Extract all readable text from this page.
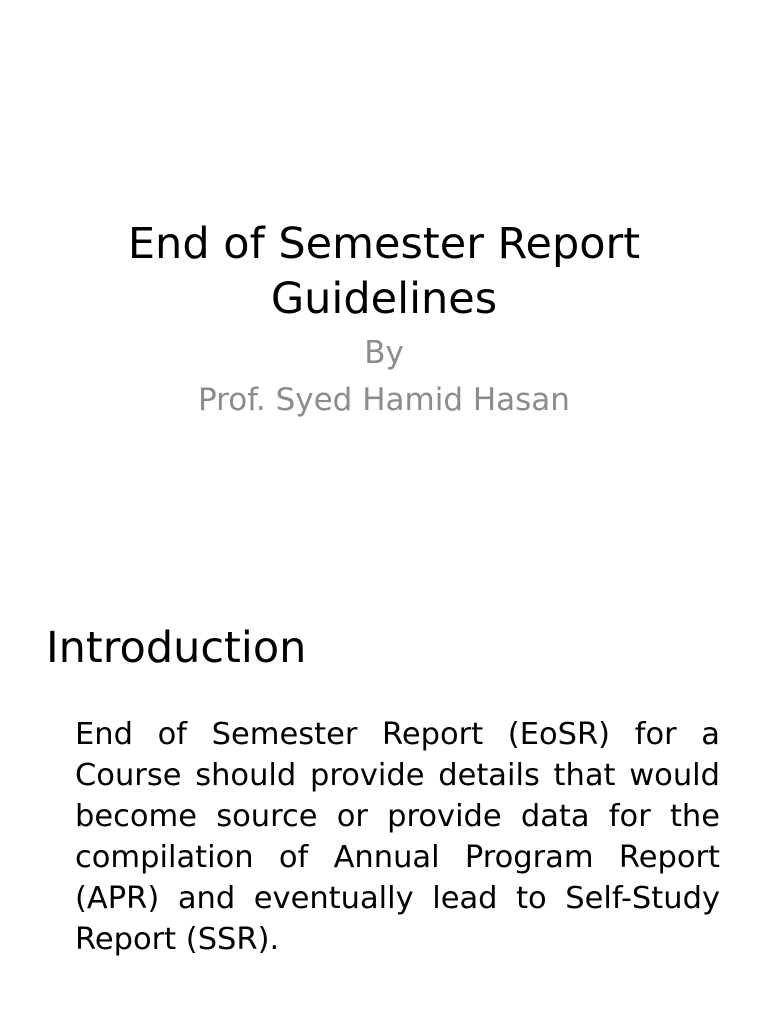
End of Semester Report
Guidelines
By
Prof. Syed Hamid Hasan
Introduction

End of Semester Report (EoSR) for a Course should provide details that would become source or provide data for the compilation of Annual Program Report (APR) and eventually lead to Self-Study Report (SSR).
